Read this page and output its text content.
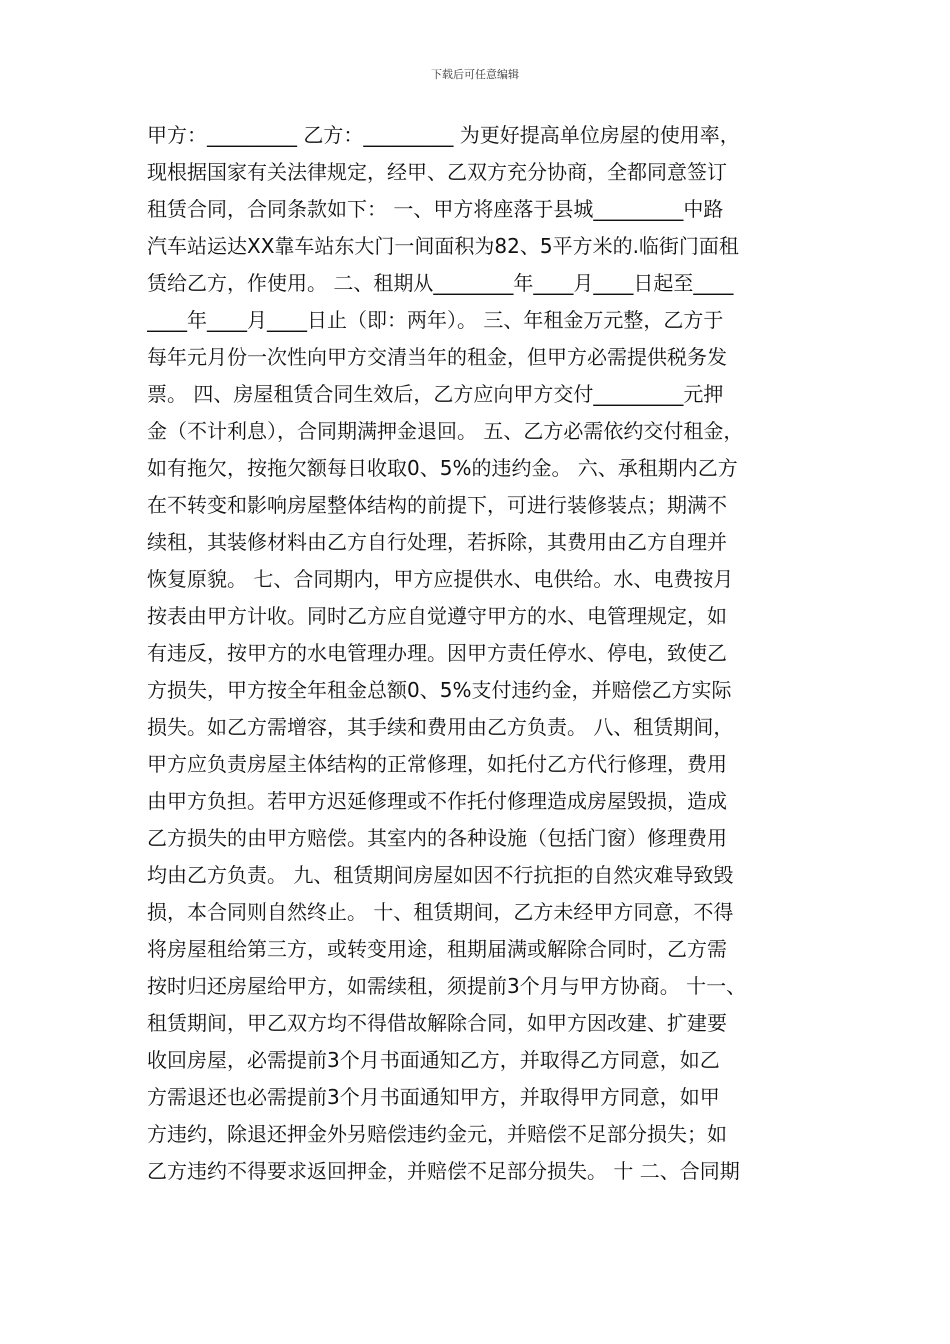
下载后可任意编辑
甲方：_________ 乙方：_________ 为更好提高单位房屋的使用率，
现根据国家有关法律规定，经甲、乙双方充分协商，全都同意签订
租赁合同，合同条款如下： 一、甲方将座落于县城_________中路
汽车站运达XX靠车站东大门一间面积为82、5平方米的.临街门面租
赁给乙方，作使用。 二、租期从________年____月____日起至____
____年____月____日止（即：两年）。 三、年租金万元整，乙方于
每年元月份一次性向甲方交清当年的租金，但甲方必需提供税务发
票。 四、房屋租赁合同生效后，乙方应向甲方交付_________元押
金（不计利息），合同期满押金退回。 五、乙方必需依约交付租金，
如有拖欠，按拖欠额每日收取0、5%的违约金。 六、承租期内乙方
在不转变和影响房屋整体结构的前提下，可进行装修装点；期满不
续租，其装修材料由乙方自行处理，若拆除，其费用由乙方自理并
恢复原貌。 七、合同期内，甲方应提供水、电供给。水、电费按月
按表由甲方计收。同时乙方应自觉遵守甲方的水、电管理规定，如
有违反，按甲方的水电管理办理。因甲方责任停水、停电，致使乙
方损失，甲方按全年租金总额0、5%支付违约金，并赔偿乙方实际
损失。如乙方需增容，其手续和费用由乙方负责。 八、租赁期间，
甲方应负责房屋主体结构的正常修理，如托付乙方代行修理，费用
由甲方负担。若甲方迟延修理或不作托付修理造成房屋毁损，造成
乙方损失的由甲方赔偿。其室内的各种设施（包括门窗）修理费用
均由乙方负责。 九、租赁期间房屋如因不行抗拒的自然灾难导致毁
损，本合同则自然终止。 十、租赁期间，乙方未经甲方同意，不得
将房屋租给第三方，或转变用途，租期届满或解除合同时，乙方需
按时归还房屋给甲方，如需续租，须提前3个月与甲方协商。 十一、
租赁期间，甲乙双方均不得借故解除合同，如甲方因改建、扩建要
收回房屋，必需提前3个月书面通知乙方，并取得乙方同意，如乙
方需退还也必需提前3个月书面通知甲方，并取得甲方同意，如甲
方违约，除退还押金外另赔偿违约金元，并赔偿不足部分损失；如
乙方违约不得要求返回押金，并赔偿不足部分损失。 十 二、合同期
